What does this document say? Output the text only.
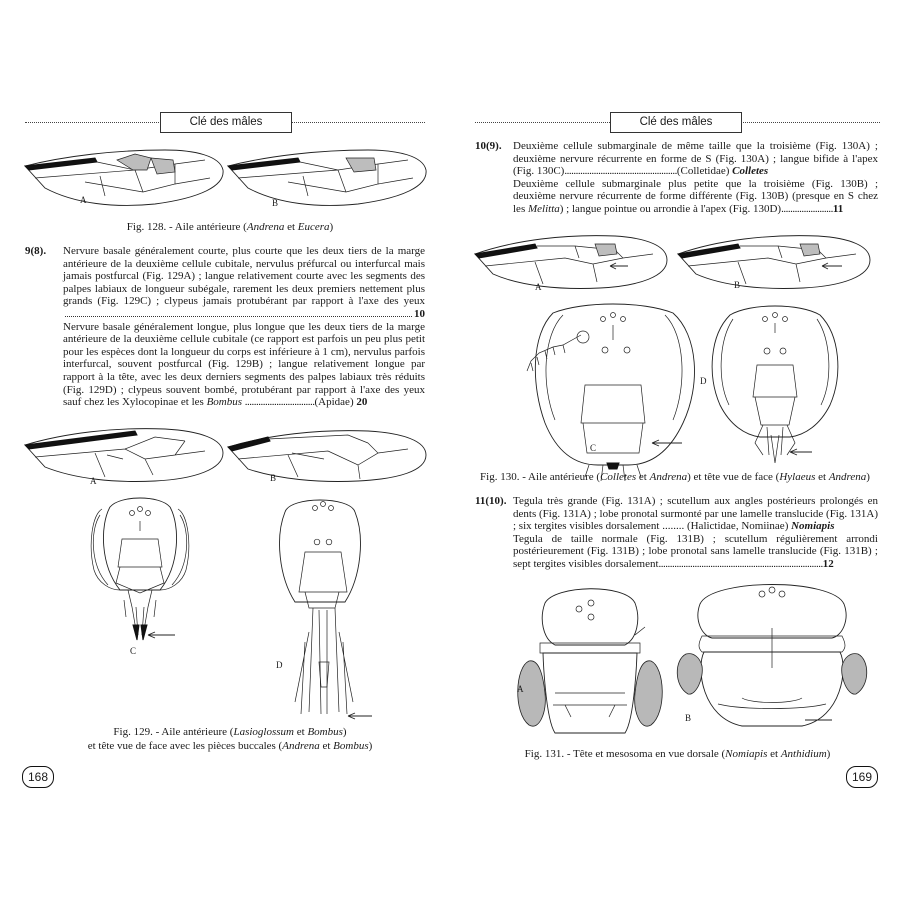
Clé des mâles
A	B
Fig. 128. - Aile antérieure (Andrena et Eucera)
9(8). Nervure basale généralement courte, plus courte que les deux tiers de la marge antérieure de la deuxième cellule cubitale, nervulus préfurcal ou interfurcal mais jamais postfurcal (Fig. 129A) ; langue relativement courte avec les segments des palpes labiaux de longueur subégale, rarement les deux premiers nettement plus grands (Fig. 129C) ; clypeus jamais protubérant par rapport à l'axe des yeux
10

Nervure basale généralement longue, plus longue que les deux tiers de la marge antérieure de la deuxième cellule cubitale (ce rapport est parfois un peu plus petit pour les espèces dont la longueur du corps est inférieure à 1 cm), nervulus parfois interfurcal, souvent postfurcal (Fig. 129B) ; langue relativement longue par rapport à la tête, avec les deux derniers segments des palpes labiaux très réduits (Fig. 129D) ; clypeus souvent bombé, protubérant par rapport à l'axe des yeux sauf chez les Xylocopinae et les Bombus ...............................(Apidae) 20

A	B
C
D
Fig. 129. - Aile antérieure (Lasioglossum et Bombus)
et tête vue de face avec les pièces buccales (Andrena et Bombus)
168
Clé des mâles
10(9). Deuxième cellule submarginale de même taille que la troisième (Fig. 130A) ; deuxième nervure récurrente en forme de S (Fig. 130A) ; langue bifide à l'apex (Fig. 130C)..................................................(Colletidae) Colletes

Deuxième cellule submarginale plus petite que la troisième (Fig. 130B) ; deuxième nervure récurrente de forme différente (Fig. 130B) (presque en S chez les Melitta) ; langue pointue ou arrondie à l'apex (Fig. 130D).......................11

A	B
C
D
Fig. 130. - Aile antérieure (Colletes et Andrena) et tête vue de face (Hylaeus et Andrena)
11(10). Tegula très grande (Fig. 131A) ; scutellum aux angles postérieurs prolongés en dents (Fig. 131A) ; lobe pronotal surmonté par une lamelle translucide (Fig. 131A) ; six tergites visibles dorsalement ........ (Halictidae, Nomiinae) Nomiapis

Tegula de taille normale (Fig. 131B) ; scutellum régulièrement arrondi postérieurement (Fig. 131B) ; lobe pronotal sans lamelle translucide (Fig. 131B) ; sept tergites visibles dorsalement.........................................................................12

A
B
Fig. 131. - Tête et mesosoma en vue dorsale (Nomiapis et Anthidium)
169
